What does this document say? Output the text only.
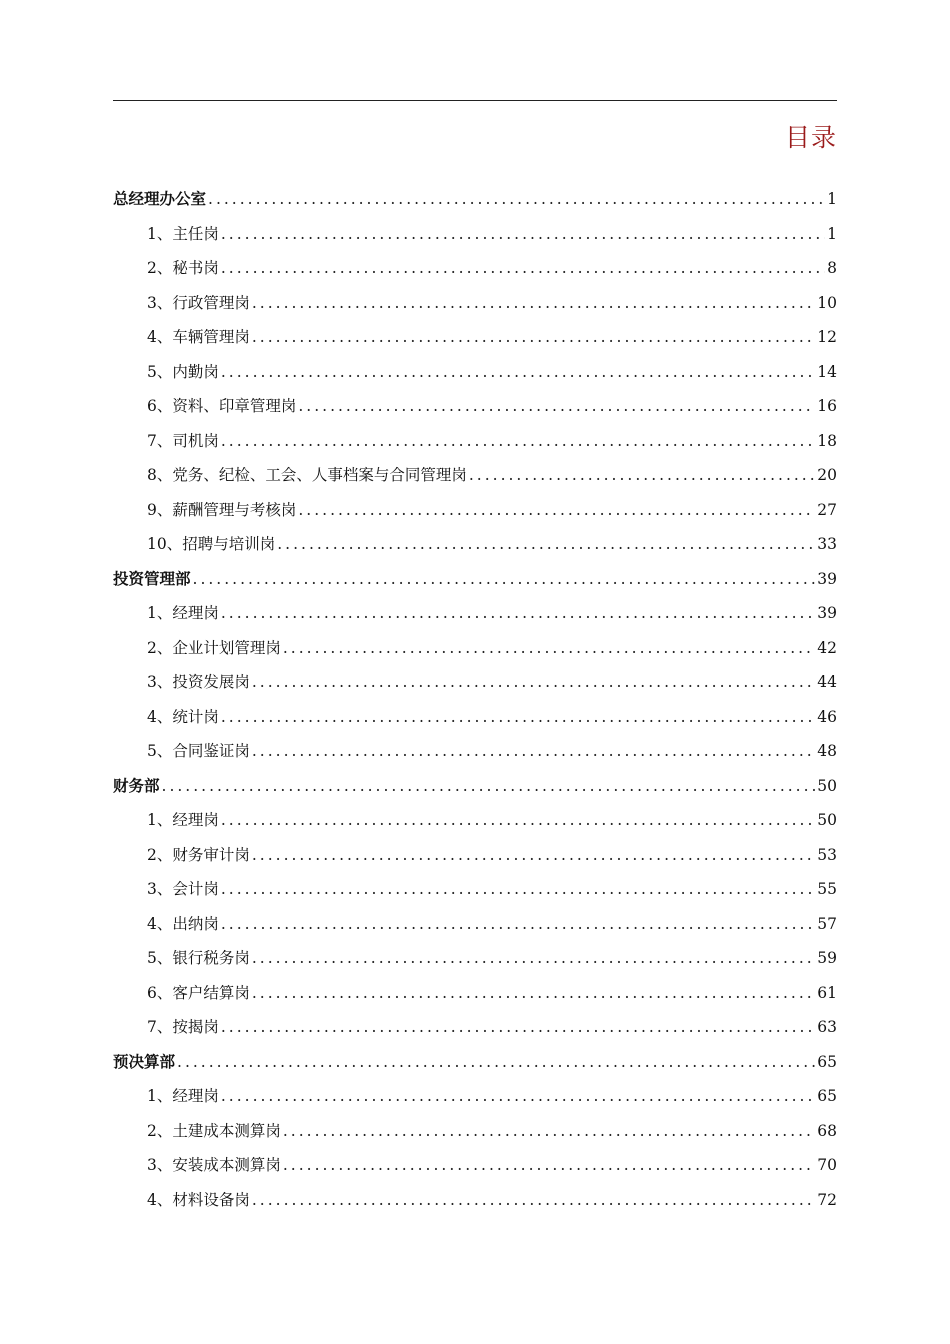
目录
总经理办公室 .....	1
1、主任岗 .....	1
2、秘书岗 .....	8
3、行政管理岗 .....	10
4、车辆管理岗 .....	12
5、内勤岗 .....	14
6、资料、印章管理岗 .....	16
7、司机岗 .....	18
8、党务、纪检、工会、人事档案与合同管理岗 .....	20
9、薪酬管理与考核岗 .....	27
10、招聘与培训岗 .....	33
投资管理部 .....	39
1、经理岗 .....	39
2、企业计划管理岗 .....	42
3、投资发展岗 .....	44
4、统计岗 .....	46
5、合同鉴证岗 .....	48
财务部 .....	50
1、经理岗 .....	50
2、财务审计岗 .....	53
3、会计岗 .....	55
4、出纳岗 .....	57
5、银行税务岗 .....	59
6、客户结算岗 .....	61
7、按揭岗 .....	63
预决算部 .....	65
1、经理岗 .....	65
2、土建成本测算岗 .....	68
3、安装成本测算岗 .....	70
4、材料设备岗 .....	72
